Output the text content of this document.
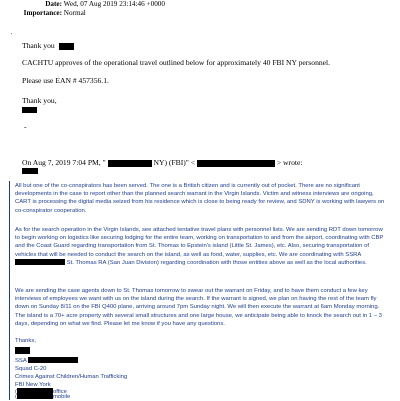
Date: Wed, 07 Aug 2019 23:14:46 +0000
Importance: Normal
'
Thank you
CACHTU approves of the operational travel outlined below for approximately 40 FBI NY personnel.
Please use EAN # 457356.1.
Thank you,
-
On Aug 7, 2019 7:04 PM, "	NY) (FBI)" <	> wrote:

All but one of the co-conspirators has been served. The one is a British citizen and is currently out of pocket. There are no significant developments in the case to report other than the planned search warrant in the Virgin Islands. Victim and witness interviews are ongoing, CART is processing the digital media seized from his residence which is close to being ready for review, and SDNY is working with lawyers on co-conspirator cooperation.

As for the search operation in the Virgin Islands, see attached tentative travel plans with personnel lists. We are sending RDT down tomorrow to begin working on logistics like securing lodging for the entire team, working on transportation to and from the airport, coordinating with CBP and the Coast Guard regarding transportation from St. Thomas to Epstein's island (Little St. James), etc. Also, securing transportation of vehicles that will be needed to conduct the search on the island, as well as food, water, supplies, etc. We are coordinating with SSRA  St. Thomas RA (San Juan Division) regarding coordination with those entities above as well as the local authorities.

We are sending the case agents down to St. Thomas tomorrow to swear out the warrant on Friday, and to have them conduct a few key interviews of employees we want with us on the island during the search. If the warrant is signed, we plan on having the rest of the team fly down on Sunday 8/11 on the FBI Q400 plane, arriving around 7pm Sunday night. We will then execute the warrant at 6am Monday morning. The island is a 70+ acre property with several small structures and one large house, we anticipate being able to knock the search out in 1 – 3 days, depending on what we find. Please let me know if you have any questions.

Thanks,
SSA
Squad C-20
Crimes Against Children/Human Trafficking
FBI New York
office
mobile
